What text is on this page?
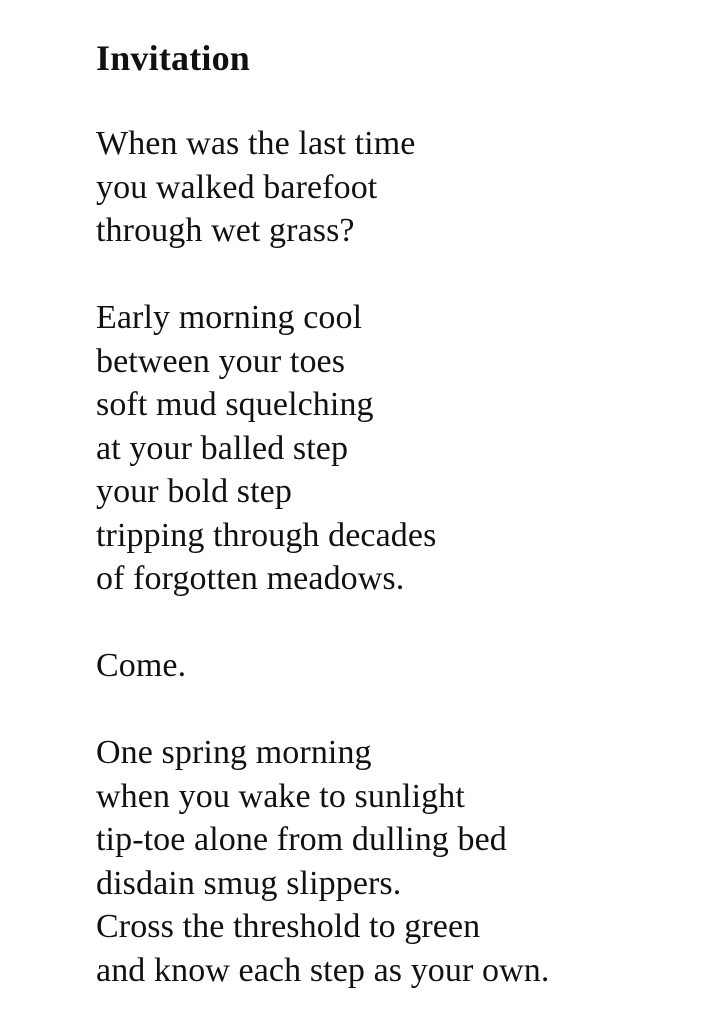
Invitation
When was the last time
you walked barefoot
through wet grass?
Early morning cool
between your toes
soft mud squelching
at your balled step
your bold step
tripping through decades
of forgotten meadows.
Come.
One spring morning
when you wake to sunlight
tip-toe alone from dulling bed
disdain smug slippers.
Cross the threshold to green
and know each step as your own.
